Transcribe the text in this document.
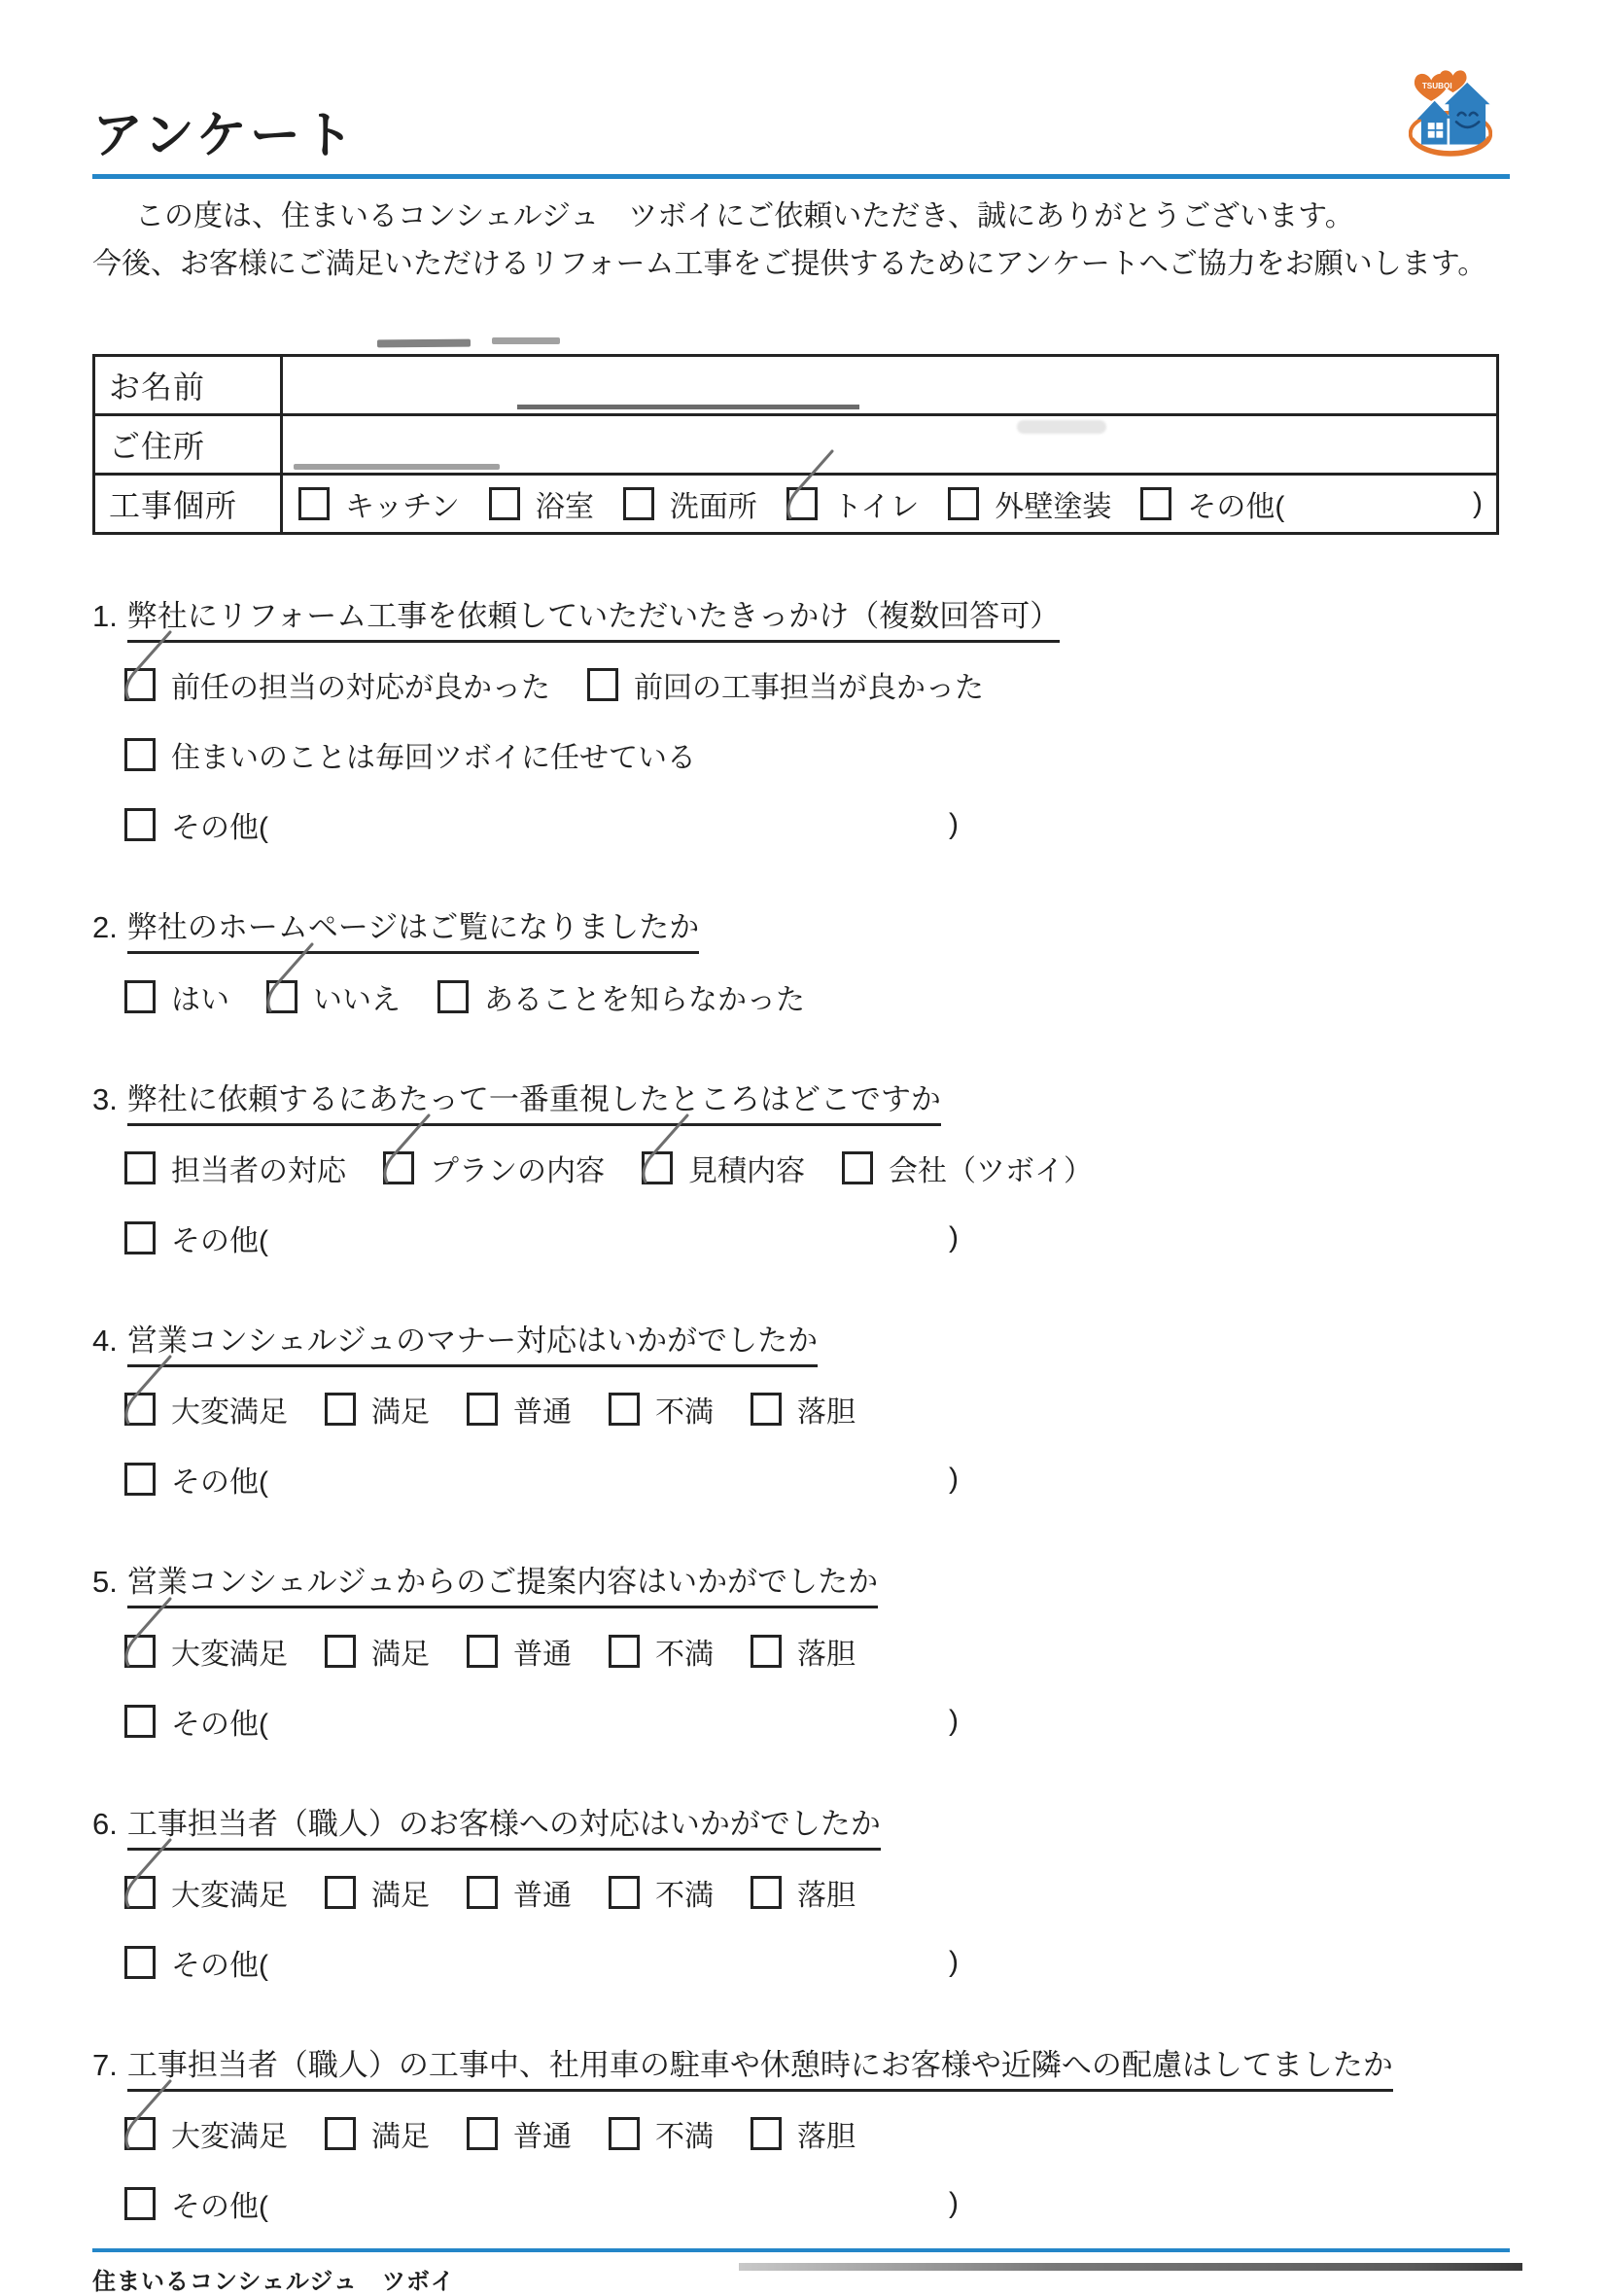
アンケート
TSUBOI
この度は、住まいるコンシェルジュ　ツボイにご依頼いただき、誠にありがとうございます。
今後、お客様にご満足いただけるリフォーム工事をご提供するためにアンケートへご協力をお願いします。
お名前	
ご住所	
工事個所	キッチン	浴室	洗面所	トイレ	外壁塗装	その他(	)
1. 弊社にリフォーム工事を依頼していただいたきっかけ（複数回答可）
前任の担当の対応が良かった	前回の工事担当が良かった
住まいのことは毎回ツボイに任せている
その他(	)
2. 弊社のホームページはご覧になりましたか
はい	いいえ	あることを知らなかった
3. 弊社に依頼するにあたって一番重視したところはどこですか
担当者の対応	プランの内容	見積内容	会社（ツボイ）
その他(	)
4. 営業コンシェルジュのマナー対応はいかがでしたか
大変満足	満足	普通	不満	落胆
その他(	)
5. 営業コンシェルジュからのご提案内容はいかがでしたか
大変満足	満足	普通	不満	落胆
その他(	)
6. 工事担当者（職人）のお客様への対応はいかがでしたか
大変満足	満足	普通	不満	落胆
その他(	)
7. 工事担当者（職人）の工事中、社用車の駐車や休憩時にお客様や近隣への配慮はしてましたか
大変満足	満足	普通	不満	落胆
その他(	)
住まいるコンシェルジュ　ツボイ
